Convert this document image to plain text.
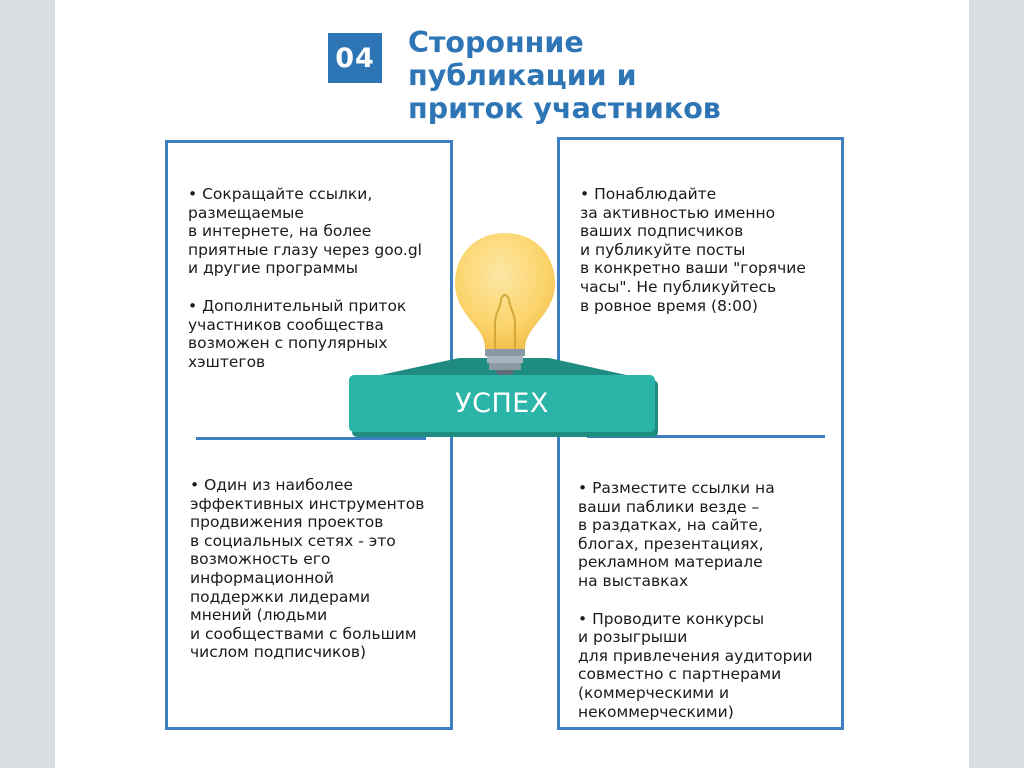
04 Сторонние
публикации и
приток участников
• Сокращайте ссылки,
размещаемые
в интернете, на более
приятные глазу через goo.gl
и другие программы
• Дополнительный приток
участников сообщества
возможен с популярных
хэштегов
• Понаблюдайте
за активностью именно
ваших подписчиков
и публикуйте посты
в конкретно ваши "горячие
часы". Не публикуйтесь
в ровное время (8:00)
• Один из наиболее
эффективных инструментов
продвижения проектов
в социальных сетях - это
возможность его
информационной
поддержки лидерами
мнений (людьми
и сообществами с большим
числом подписчиков)
• Разместите ссылки на
ваши паблики везде –
в раздатках, на сайте,
блогах, презентациях,
рекламном материале
на выставках
• Проводите конкурсы
и розыгрыши
для привлечения аудитории
совместно с партнерами
(коммерческими и
некоммерческими)
УСПЕХ
